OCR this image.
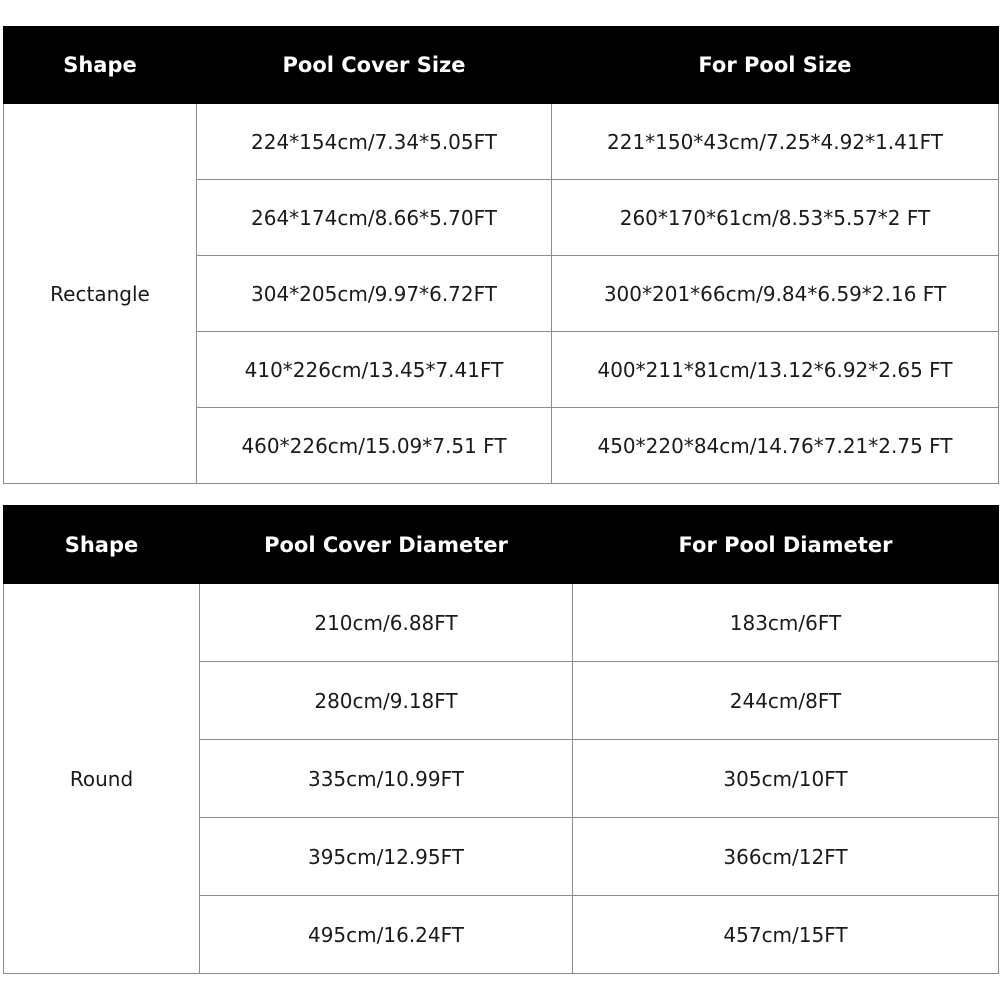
Shape	Pool Cover Size	For Pool Size
Rectangle	224*154cm/7.34*5.05FT	221*150*43cm/7.25*4.92*1.41FT
	264*174cm/8.66*5.70FT	260*170*61cm/8.53*5.57*2 FT
	304*205cm/9.97*6.72FT	300*201*66cm/9.84*6.59*2.16 FT
	410*226cm/13.45*7.41FT	400*211*81cm/13.12*6.92*2.65 FT
	460*226cm/15.09*7.51 FT	450*220*84cm/14.76*7.21*2.75 FT
Shape	Pool Cover Diameter	For Pool Diameter
Round	210cm/6.88FT	183cm/6FT
	280cm/9.18FT	244cm/8FT
	335cm/10.99FT	305cm/10FT
	395cm/12.95FT	366cm/12FT
	495cm/16.24FT	457cm/15FT
